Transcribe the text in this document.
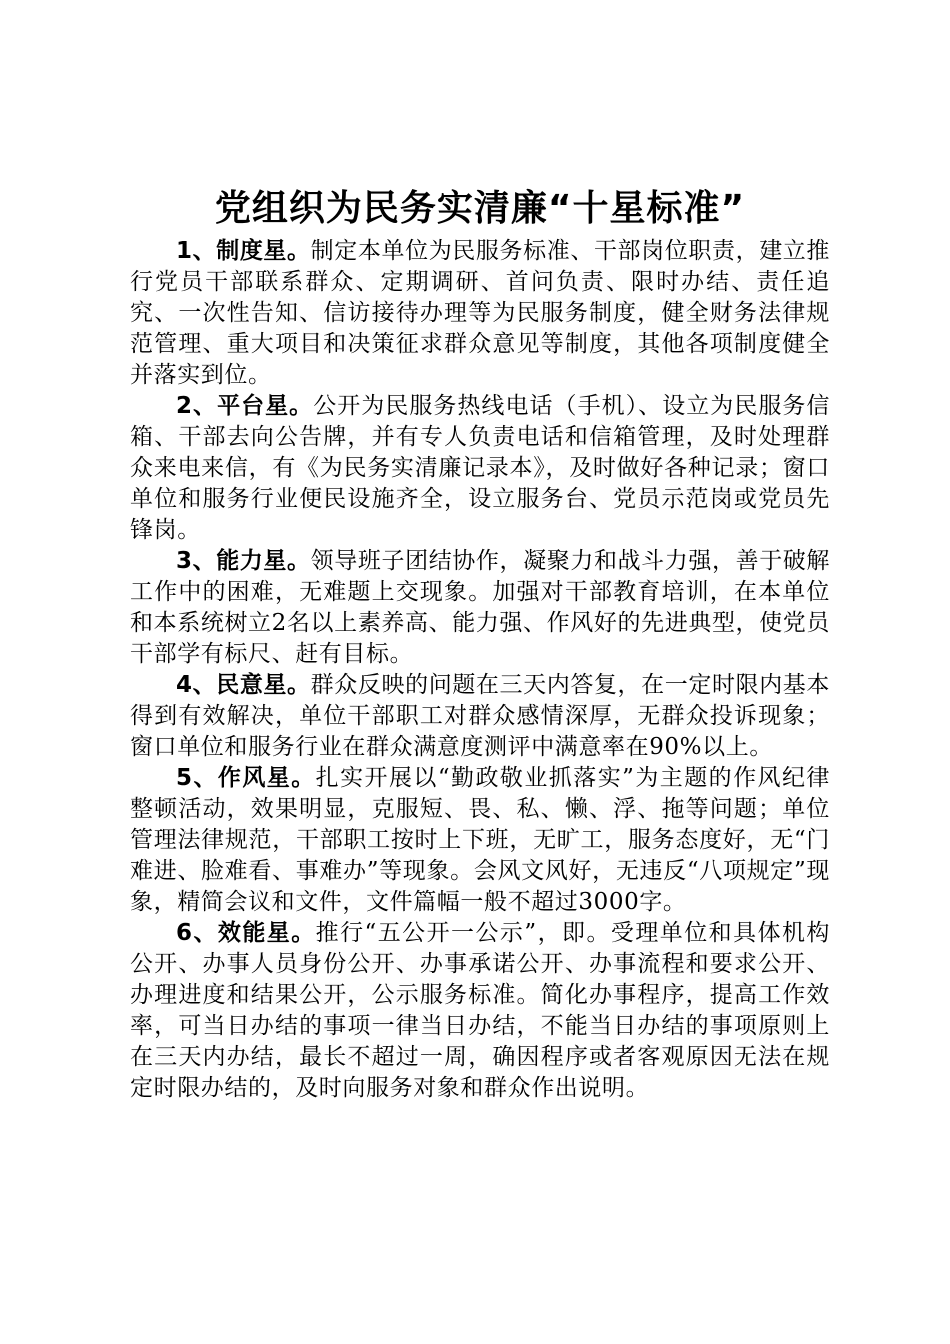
党组织为民务实清廉“十星标准”

1、制度星。制定本单位为民服务标准、干部岗位职责，建立推行党员干部联系群众、定期调研、首问负责、限时办结、责任追究、一次性告知、信访接待办理等为民服务制度，健全财务法律规范管理、重大项目和决策征求群众意见等制度，其他各项制度健全并落实到位。

2、平台星。公开为民服务热线电话（手机）、设立为民服务信箱、干部去向公告牌，并有专人负责电话和信箱管理，及时处理群众来电来信，有《为民务实清廉记录本》，及时做好各种记录；窗口单位和服务行业便民设施齐全，设立服务台、党员示范岗或党员先锋岗。

3、能力星。领导班子团结协作，凝聚力和战斗力强，善于破解工作中的困难，无难题上交现象。加强对干部教育培训，在本单位和本系统树立2名以上素养高、能力强、作风好的先进典型，使党员干部学有标尺、赶有目标。

4、民意星。群众反映的问题在三天内答复，在一定时限内基本得到有效解决，单位干部职工对群众感情深厚，无群众投诉现象；窗口单位和服务行业在群众满意度测评中满意率在90%以上。

5、作风星。扎实开展以“勤政敬业抓落实”为主题的作风纪律整顿活动，效果明显，克服短、畏、私、懒、浮、拖等问题；单位管理法律规范，干部职工按时上下班，无旷工，服务态度好，无“门难进、脸难看、事难办”等现象。会风文风好，无违反“八项规定”现象，精简会议和文件，文件篇幅一般不超过3000字。

6、效能星。推行“五公开一公示”，即。受理单位和具体机构公开、办事人员身份公开、办事承诺公开、办事流程和要求公开、办理进度和结果公开，公示服务标准。简化办事程序，提高工作效率，可当日办结的事项一律当日办结，不能当日办结的事项原则上在三天内办结，最长不超过一周，确因程序或者客观原因无法在规定时限办结的，及时向服务对象和群众作出说明。
